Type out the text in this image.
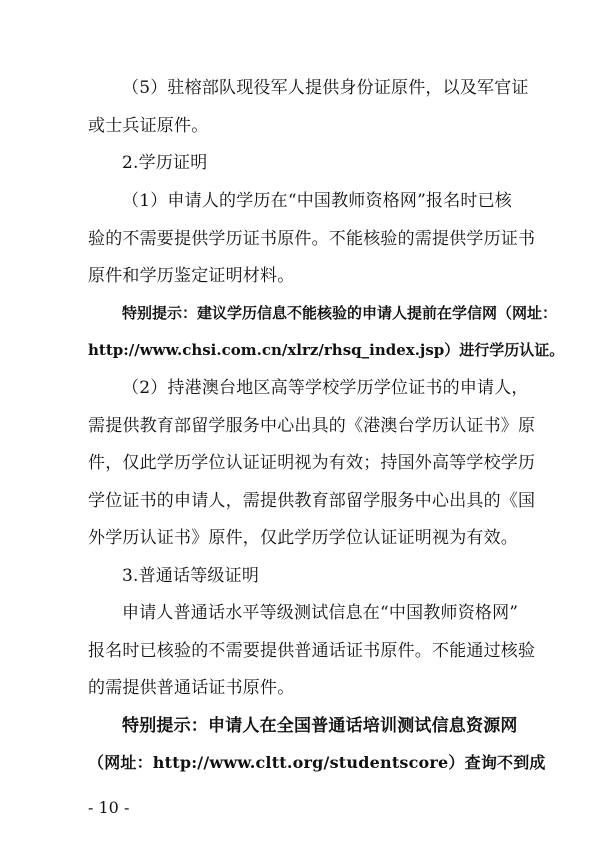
（5）驻榕部队现役军人提供身份证原件，以及军官证
或士兵证原件。
2.学历证明
（1）申请人的学历在“中国教师资格网”报名时已核
验的不需要提供学历证书原件。不能核验的需提供学历证书
原件和学历鉴定证明材料。
特别提示：建议学历信息不能核验的申请人提前在学信网（网址：
http://www.chsi.com.cn/xlrz/rhsq_index.jsp）进行学历认证。
（2）持港澳台地区高等学校学历学位证书的申请人，
需提供教育部留学服务中心出具的《港澳台学历认证书》原
件，仅此学历学位认证证明视为有效；持国外高等学校学历
学位证书的申请人，需提供教育部留学服务中心出具的《国
外学历认证书》原件，仅此学历学位认证证明视为有效。
3.普通话等级证明
申请人普通话水平等级测试信息在“中国教师资格网”
报名时已核验的不需要提供普通话证书原件。不能通过核验
的需提供普通话证书原件。
特别提示：申请人在全国普通话培训测试信息资源网
（网址：http://www.cltt.org/studentscore）查询不到成
- 10 -
